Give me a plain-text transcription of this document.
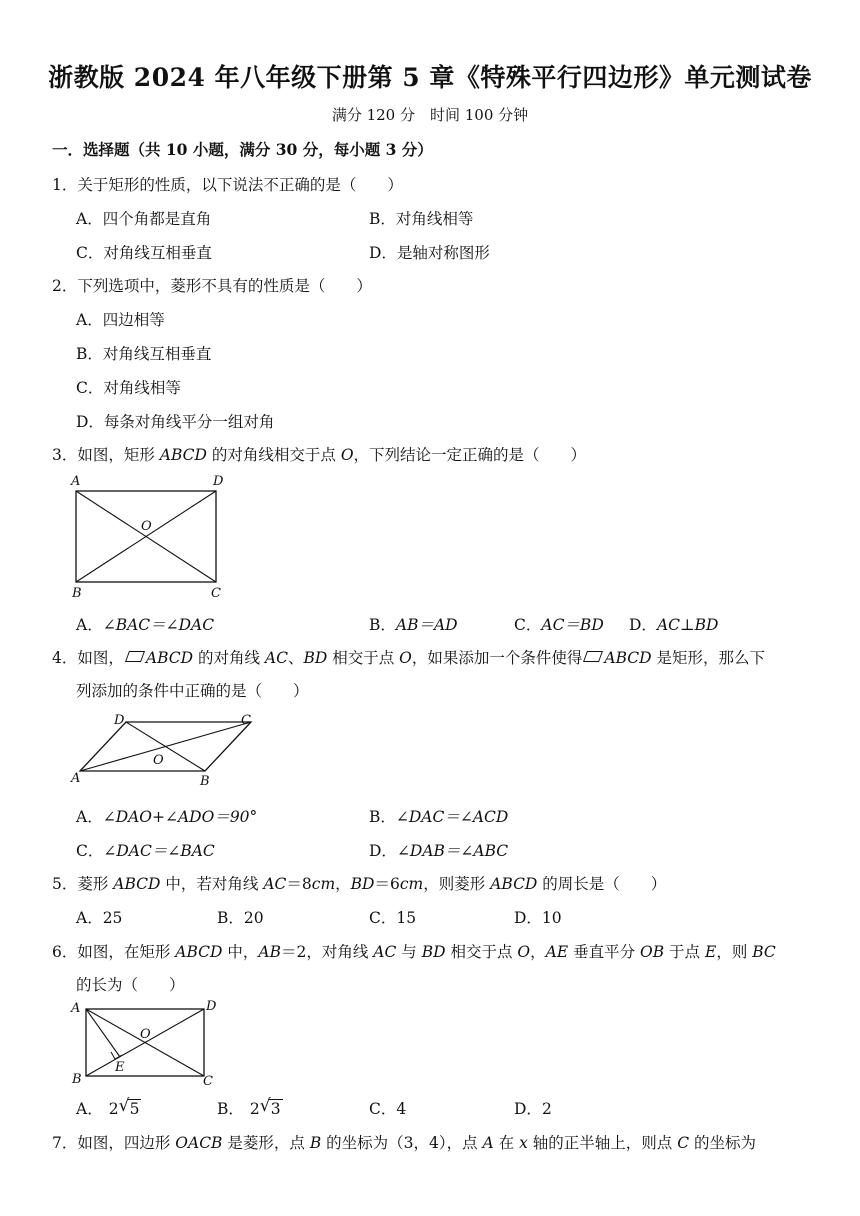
浙教版 2024 年八年级下册第 5 章《特殊平行四边形》单元测试卷
满分 120 分　时间 100 分钟
一．选择题（共 10 小题，满分 30 分，每小题 3 分）
1．关于矩形的性质，以下说法不正确的是（　　）
A．四个角都是直角	B．对角线相等
C．对角线互相垂直	D．是轴对称图形
2．下列选项中，菱形不具有的性质是（　　）
A．四边相等
B．对角线互相垂直
C．对角线相等
D．每条对角线平分一组对角
3．如图，矩形 ABCD 的对角线相交于点 O，下列结论一定正确的是（　　）
A	D
O
B	C
A．∠BAC＝∠DAC	B．AB＝AD	C．AC＝BD D．AC⊥BD
4．如图， ABCD 的对角线 AC、BD 相交于点 O，如果添加一个条件使得 ABCD 是矩形，那么下
列添加的条件中正确的是（　　）
D	C
O
A	B
A．∠DAO+∠ADO＝90°	B．∠DAC＝∠ACD
C．∠DAC＝∠BAC	D．∠DAB＝∠ABC
5．菱形 ABCD 中，若对角线 AC＝8cm，BD＝6cm，则菱形 ABCD 的周长是（　　）
A．25	B．20	C．15	D．10
6．如图，在矩形 ABCD 中，AB＝2，对角线 AC 与 BD 相交于点 O，AE 垂直平分 OB 于点 E，则 BC
的长为（　　）
A	D
O
E
B	C
A． 2 √ 5	B． 2 √ 3	C．4	D．2
7．如图，四边形 OACB 是菱形，点 B 的坐标为（3，4），点 A 在 x 轴的正半轴上，则点 C 的坐标为
